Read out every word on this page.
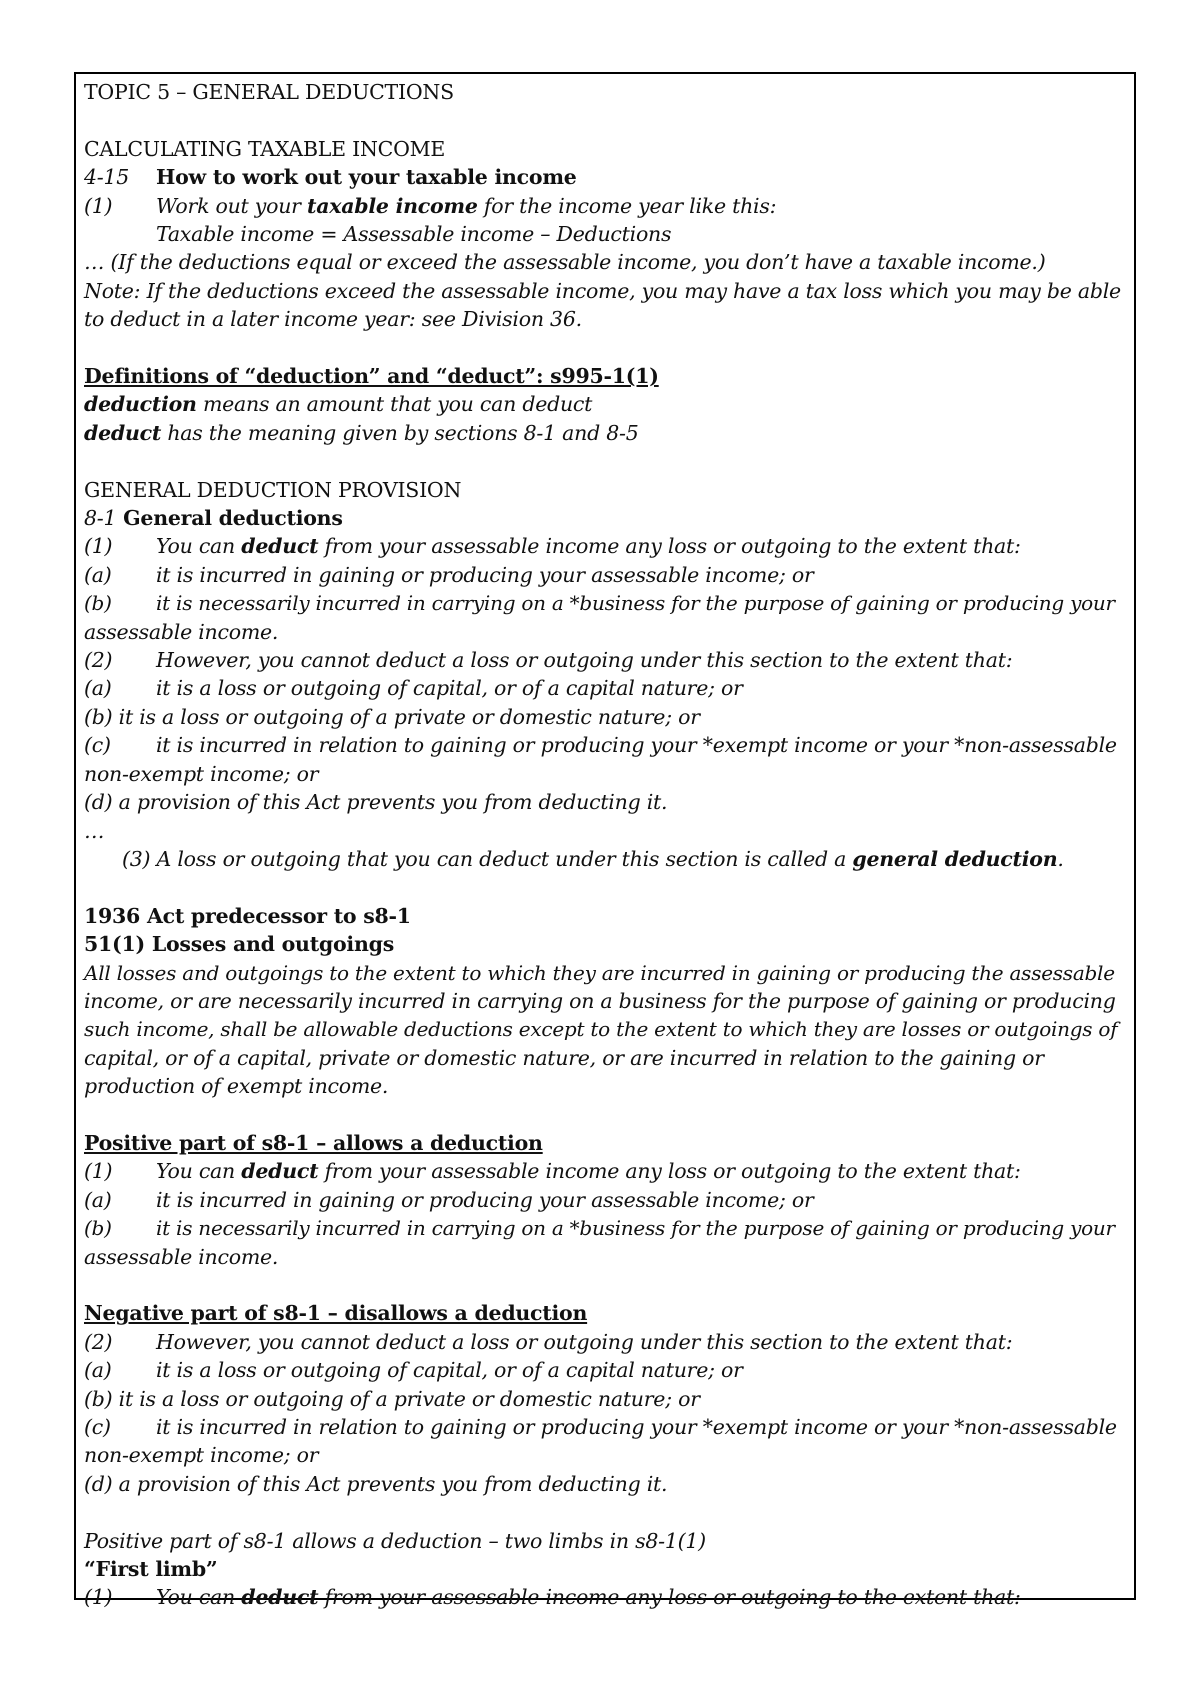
TOPIC 5 – GENERAL DEDUCTIONS
CALCULATING TAXABLE INCOME
4-15 How to work out your taxable income
(1) Work out your taxable income for the income year like this:
Taxable income = Assessable income – Deductions
… (If the deductions equal or exceed the assessable income, you don’t have a taxable income.)
Note: If the deductions exceed the assessable income, you may have a tax loss which you may be able
to deduct in a later income year: see Division 36.
Definitions of “deduction” and “deduct”: s995-1(1)
deduction means an amount that you can deduct
deduct has the meaning given by sections 8-1 and 8-5
GENERAL DEDUCTION PROVISION
8-1 General deductions
(1) You can deduct from your assessable income any loss or outgoing to the extent that:
(a) it is incurred in gaining or producing your assessable income; or
(b) it is necessarily incurred in carrying on a *business for the purpose of gaining or producing your
assessable income.
(2) However, you cannot deduct a loss or outgoing under this section to the extent that:
(a) it is a loss or outgoing of capital, or of a capital nature; or
(b) it is a loss or outgoing of a private or domestic nature; or
(c) it is incurred in relation to gaining or producing your *exempt income or your *non-assessable
non-exempt income; or
(d) a provision of this Act prevents you from deducting it.
…
(3) A loss or outgoing that you can deduct under this section is called a general deduction.
1936 Act predecessor to s8-1
51(1) Losses and outgoings
All losses and outgoings to the extent to which they are incurred in gaining or producing the assessable
income, or are necessarily incurred in carrying on a business for the purpose of gaining or producing
such income, shall be allowable deductions except to the extent to which they are losses or outgoings of
capital, or of a capital, private or domestic nature, or are incurred in relation to the gaining or
production of exempt income.
Positive part of s8-1 – allows a deduction
(1) You can deduct from your assessable income any loss or outgoing to the extent that:
(a) it is incurred in gaining or producing your assessable income; or
(b) it is necessarily incurred in carrying on a *business for the purpose of gaining or producing your
assessable income.
Negative part of s8-1 – disallows a deduction
(2) However, you cannot deduct a loss or outgoing under this section to the extent that:
(a) it is a loss or outgoing of capital, or of a capital nature; or
(b) it is a loss or outgoing of a private or domestic nature; or
(c) it is incurred in relation to gaining or producing your *exempt income or your *non-assessable
non-exempt income; or
(d) a provision of this Act prevents you from deducting it.
Positive part of s8-1 allows a deduction – two limbs in s8-1(1)
“First limb”
(1) You can deduct from your assessable income any loss or outgoing to the extent that:
